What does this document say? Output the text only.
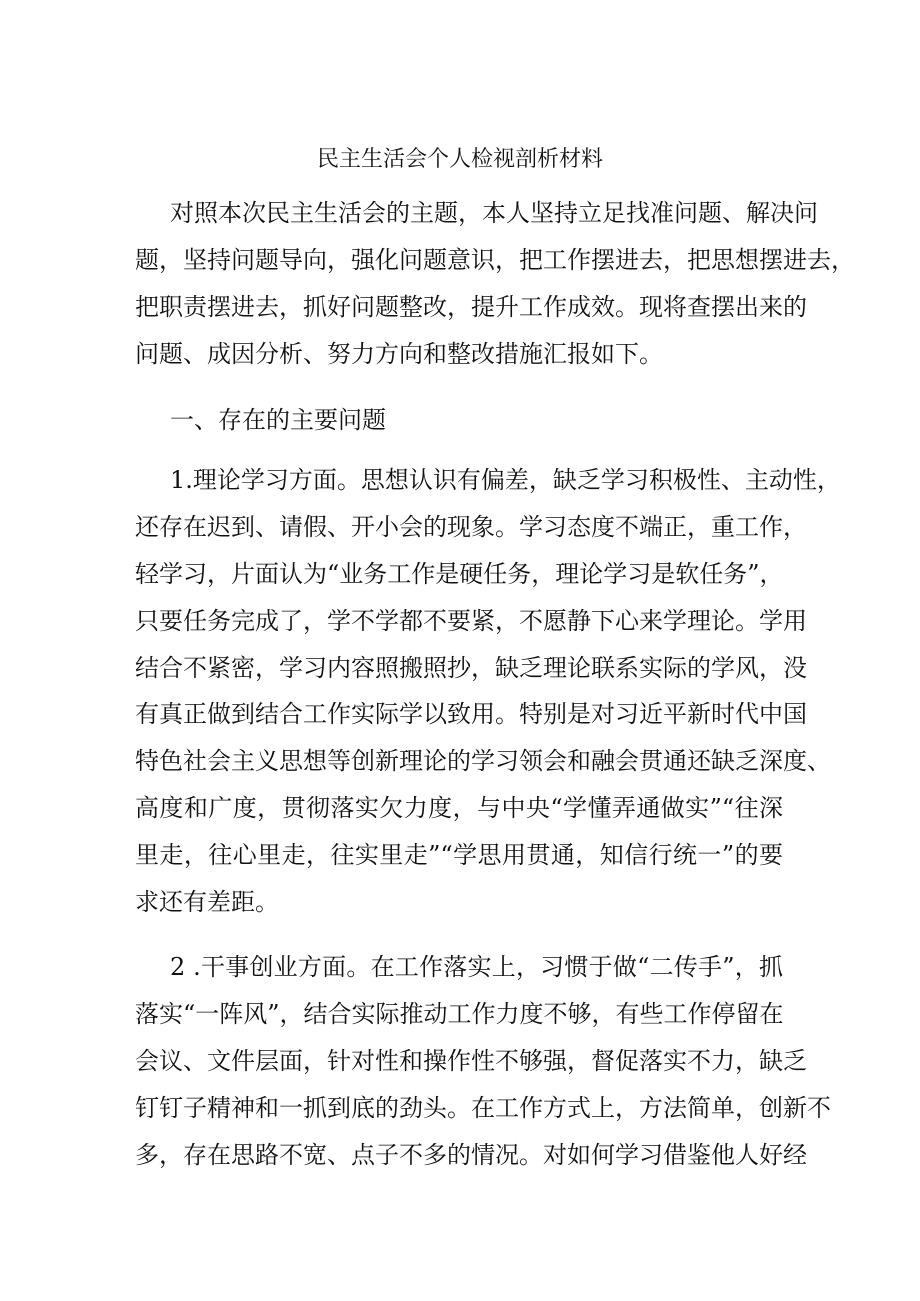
民主生活会个人检视剖析材料
对照本次民主生活会的主题，本人坚持立足找准问题、解决问
题，坚持问题导向，强化问题意识，把工作摆进去，把思想摆进去，
把职责摆进去，抓好问题整改，提升工作成效。现将查摆出来的
问题、成因分析、努力方向和整改措施汇报如下。
一、存在的主要问题
1.理论学习方面。思想认识有偏差，缺乏学习积极性、主动性，
还存在迟到、请假、开小会的现象。学习态度不端正，重工作，
轻学习，片面认为“业务工作是硬任务，理论学习是软任务”，
只要任务完成了，学不学都不要紧，不愿静下心来学理论。学用
结合不紧密，学习内容照搬照抄，缺乏理论联系实际的学风，没
有真正做到结合工作实际学以致用。特别是对习近平新时代中国
特色社会主义思想等创新理论的学习领会和融会贯通还缺乏深度、
高度和广度，贯彻落实欠力度，与中央“学懂弄通做实”“往深
里走，往心里走，往实里走”“学思用贯通，知信行统一”的要
求还有差距。
2 .干事创业方面。在工作落实上，习惯于做“二传手”，抓
落实“一阵风”，结合实际推动工作力度不够，有些工作停留在
会议、文件层面，针对性和操作性不够强，督促落实不力，缺乏
钉钉子精神和一抓到底的劲头。在工作方式上，方法简单，创新不
多，存在思路不宽、点子不多的情况。对如何学习借鉴他人好经
